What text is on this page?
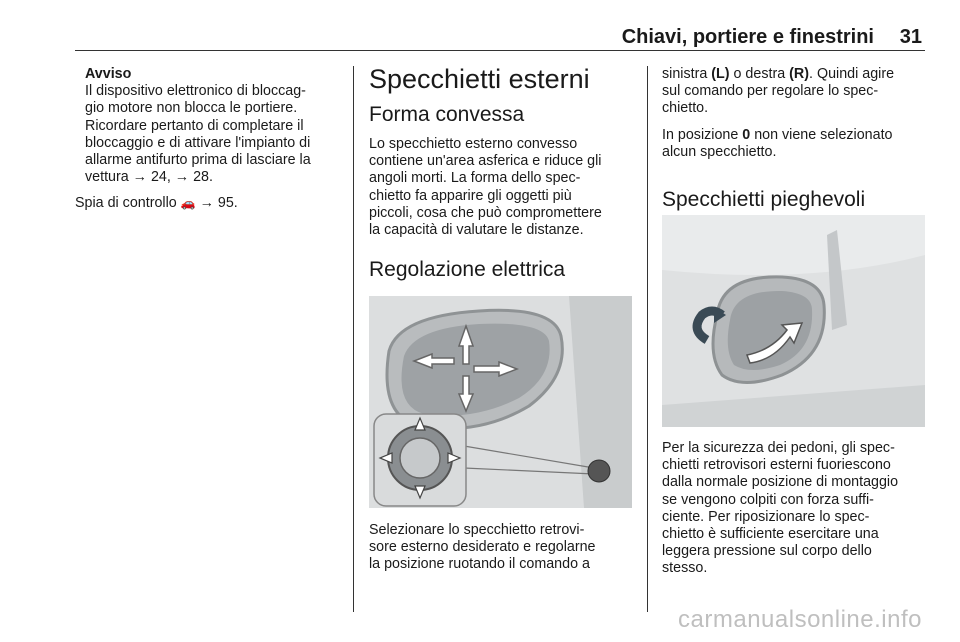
Chiavi, portiere e finestrini 31

Avviso

Il dispositivo elettronico di bloccag-

gio motore non blocca le portiere.

Ricordare pertanto di completare il

bloccaggio e di attivare l'impianto di

allarme antifurto prima di lasciare la

vettura → 24, → 28.

Spia di controllo 🚗 → 95.

Specchietti esterni

Forma convessa

Lo specchietto esterno convesso

contiene un'area asferica e riduce gli

angoli morti. La forma dello spec-

chietto fa apparire gli oggetti più

piccoli, cosa che può compromettere

la capacità di valutare le distanze.

Regolazione elettrica

Selezionare lo specchietto retrovi-

sore esterno desiderato e regolarne

la posizione ruotando il comando a

sinistra (L) o destra (R). Quindi agire

sul comando per regolare lo spec-

chietto.

In posizione 0 non viene selezionato

alcun specchietto.

Specchietti pieghevoli

Per la sicurezza dei pedoni, gli spec-

chietti retrovisori esterni fuoriescono

dalla normale posizione di montaggio

se vengono colpiti con forza suffi-

ciente. Per riposizionare lo spec-

chietto è sufficiente esercitare una

leggera pressione sul corpo dello

stesso.

carmanualsonline.info
